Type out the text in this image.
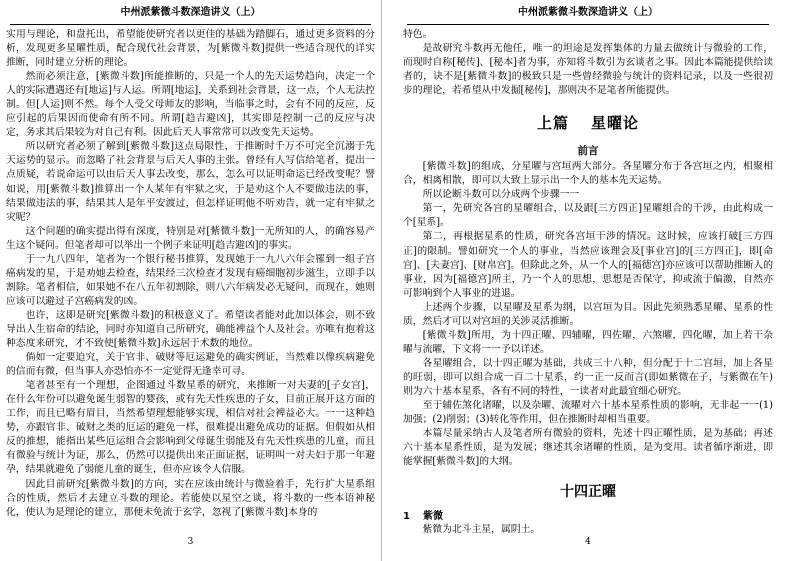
中州派紫微斗数深造讲义（上）

实用与理论，和盘托出，希望能使研究者以更佳的基础为踏脚石，通过更多资料的分析，发现更多星曜性质，配合现代社会背景，为[紫微斗数]提供一些适合现代的详实推断，同时建立分析的理论。

然而必须注意，[紫微斗数]所能推断的，只是一个人的先天运势趋向，决定一个人的实际遭遇还有[地运]与人运。所谓[地运]，关系到社会背景，这一点，个人无法控制。但[人运]则不然。每个人受父母师友的影响，当临事之时，会有不同的反应，反应引起的后果因而使命有所不同。所谓[趋吉避凶]，其实即是控制一己的反应与决定，务求其后果较为对自己有利。因此后天人事常常可以改变先天运势。

所以研究者必须了解到[紫微斗数]这点局限性，于推断时千万不可完全沉溺于先天运势的显示。而忽略了社会背景与后天人事的主张。曾经有人写信给笔者，提出一点质疑，若说命运可以由后天人事去改变，那么，怎么可以证明命运已经改变呢？譬如说，用[紫微斗数]推算出一个人某年有牢狱之灾，于是劝这个人不要做违法的事，结果做违法的事，结果其人是年平安渡过，但怎样证明他不听劝告，就一定有牢狱之灾呢？

这个问题的确实提出得有深度，特别是对[紫微斗数]一无所知的人，的确容易产生这个疑问。但笔者却可以举出一个例子来证明[趋吉避凶]的事实。

于一九八四年，笔者为一个银行秘书推算，发现她于一九八六年会罹到一组子宫癌病发的星，于是劝她去检查，结果经三次检查才发现有癌细胞初步滋生，立即手以割除。笔者相信，如果她不在八五年初割除，则八六年病发必无疑问，而现在，她则应该可以避过子宫癌病发的凶。

也许，这即是研究[紫微斗数]的积极意义了。希望读者能对此加以体会，则不致导出人生宿命的结论，同时亦知道自己所研究，确能裨益个人及社会。亦唯有抱着这种态度来研究，才不致使[紫微斗数]永远居于术数的地位。

倘如一定要迫究，关于官非、破财等厄运避免的确实例证，当然难以像疾病避免的信而有微，但当事人亦恐怕亦不一定觉得无逢幸可寻。

笔者甚至有一个理想，企图通过斗数星系的研究，来推断一对夫妻的[子女宫]，在什么年份可以避免诞生弱智的婴孩，或有先天性疾患的子女，目前正展开这方面的工作，而且已略有眉目，当然希望理想能够实现，相信对社会裨益必大。一一这种趋势，亦跟官非、破财之类的厄运的避免一样，很难提出避免成功的证据。但假如从相反的推想，能指出某些厄运组合会影响到父母诞生弱能及有先天性疾患的儿童，而且有微验与统计为证，那么，仍然可以提供出来正面证据，证明叫一对夫妇于那一年避孕，结果就避免了弱能儿童的诞生，但亦应该令人信服。

因此目前研究[紫微斗数]的方向，实在应该由统计与微验着手，先行扩大星系组合的性质，然后才去建立斗数的理论。若能使以星空之谈，将斗数的一些本语神秘化，使认为是理论的建立，那便未免流于玄学，忽视了[紫微斗数]本身的

3
中州派紫微斗数深造讲义（上）

特色。

是故研究斗数再无他任，唯一的坦途是发挥集体的力量去做统计与微验的工作，而现时自称[秘传]、[秘本]者为事，亦知将斗数引为玄谈者之事。因此本篇能提供给读者的，诀不是[紫微斗数]的极致只是一些曾经微验与统计的资料记录，以及一些很初步的理论，若希望从中发掘[秘传]，那则决不是笔者所能提供。

上篇 星曜论
前言

[紫微斗数]的组成，分星曜与宫垣两大部分。各星曜分布于各宫垣之内，相聚相合，相离相散，即可以大致上显示出一个人的基本先天运势。

所以论断斗数可以分成两个步骤一一

第一，先研究各宫的星曜组合，以及跟[三方四正]星曜组合的干涉，由此构成一个[星系]。

第二，再根据星系的性质，研究各宫垣干涉的情况。这时候，应该打破[三方四正]的限制。譬如研究一个人的事业，当然应该理会及[事业宫]的[三方四正]，即[命宫]、[夫妻宫]、[财帛宫]。但除此之外，从一个人的[福德宫]亦应该可以帮助推断人的事业，因为[福德宫]所主，乃一个人的思想，思想是否保守，抑或流于偏激，自然亦可影响到个人事业的进退。

上述两个步骤，以星曜及星系为纲，以宫垣为目。因此先须熟悉星曜、星系的性质，然后才可以对宫垣的关涉灵活推断。

[紫微斗数]所用，为十四正曜、四辅曜，四佐曜，六煞曜，四化曜，加上若干杂曜与流曜，下文将一一予以详述。

各星曜组合，以十四正曜为基础，共成三十八种，但分配于十二宫垣，加上各星的旺弱，即可以组合成一百二十星系，约一正一反而言(即如紫微在子，与紫微在午)则为六十基本星系，各有不同的特性，一读者对此最宜细心研究。

至于辅佐煞化诸曜，以及杂曜、流曜对六十基本星系性质的影响，无非起一一(1)加强；(2)削弱；(3)转化等作用，但在推断时却相当重要。

本篇尽量采纳古人及笔者所有微验的资料，先述十四正曜性质，是为基础；再述六十基本星系性质，是为发展；继述其余诸曜的性质，是为变用。读者循序渐进，即能掌握[紫微斗数]的大纲。

十四正曜
1 紫微

紫微为北斗主星，属阴土。

4
